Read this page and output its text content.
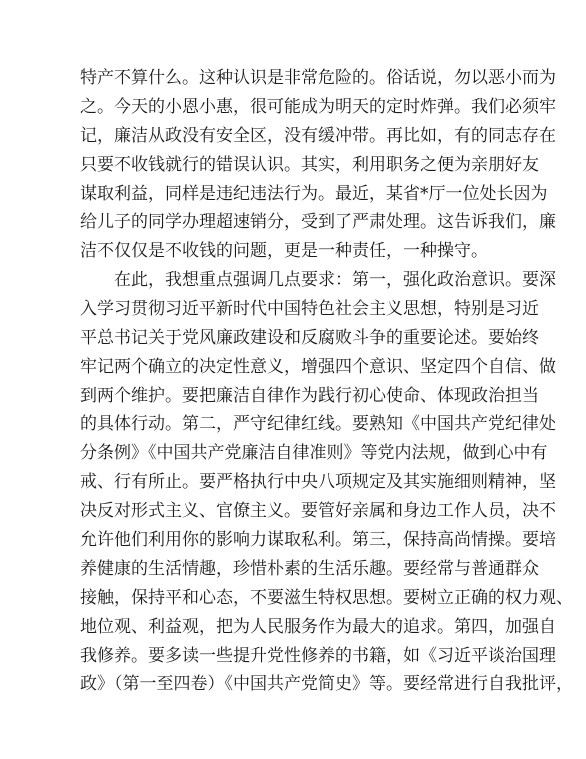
特产不算什么。这种认识是非常危险的。俗话说，勿以恶小而为
之。今天的小恩小惠，很可能成为明天的定时炸弹。我们必须牢
记，廉洁从政没有安全区，没有缓冲带。再比如，有的同志存在
只要不收钱就行的错误认识。其实，利用职务之便为亲朋好友
谋取利益，同样是违纪违法行为。最近，某省*厅一位处长因为
给儿子的同学办理超速销分，受到了严肃处理。这告诉我们，廉
洁不仅仅是不收钱的问题，更是一种责任，一种操守。
在此，我想重点强调几点要求：第一，强化政治意识。要深
入学习贯彻习近平新时代中国特色社会主义思想，特别是习近
平总书记关于党风廉政建设和反腐败斗争的重要论述。要始终
牢记两个确立的决定性意义，增强四个意识、坚定四个自信、做
到两个维护。要把廉洁自律作为践行初心使命、体现政治担当
的具体行动。第二，严守纪律红线。要熟知《中国共产党纪律处
分条例》《中国共产党廉洁自律准则》等党内法规，做到心中有
戒、行有所止。要严格执行中央八项规定及其实施细则精神，坚
决反对形式主义、官僚主义。要管好亲属和身边工作人员，决不
允许他们利用你的影响力谋取私利。第三，保持高尚情操。要培
养健康的生活情趣，珍惜朴素的生活乐趣。要经常与普通群众
接触，保持平和心态，不要滋生特权思想。要树立正确的权力观、
地位观、利益观，把为人民服务作为最大的追求。第四，加强自
我修养。要多读一些提升党性修养的书籍，如《习近平谈治国理
政》（第一至四卷）《中国共产党简史》等。要经常进行自我批评，
